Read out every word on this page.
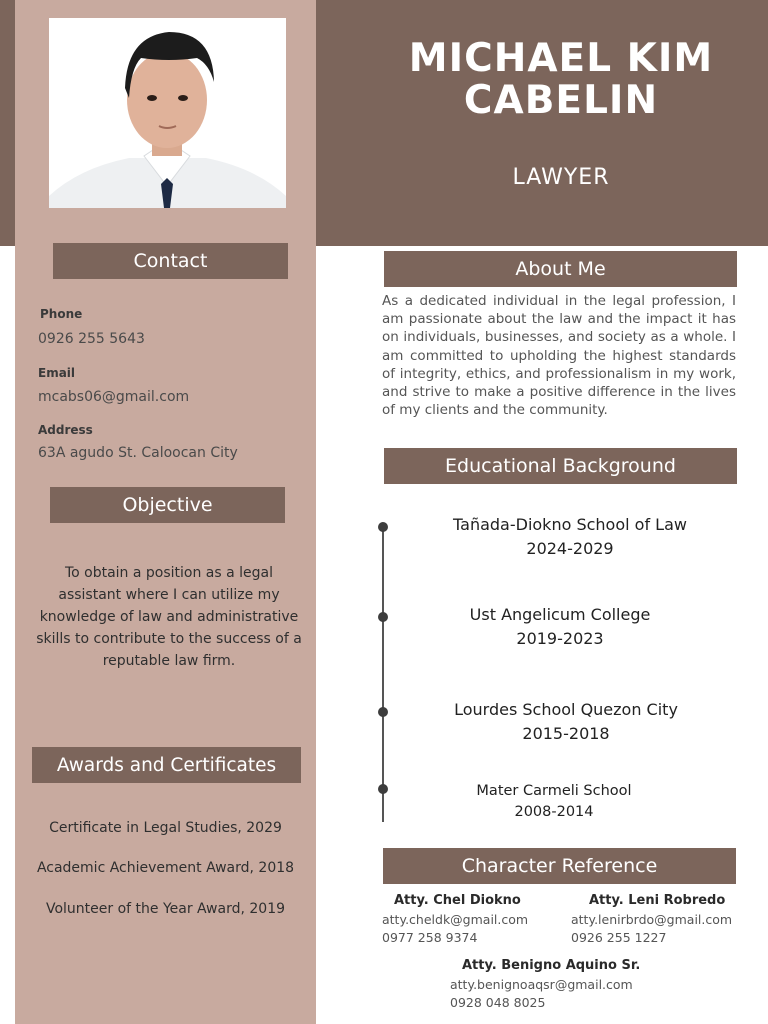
MICHAEL KIM CABELIN
LAWYER
Contact
Phone
0926 255 5643
Email
mcabs06@gmail.com
Address
63A agudo St. Caloocan City
Objective
To obtain a position as a legal assistant where I can utilize my knowledge of law and administrative skills to contribute to the success of a reputable law firm.
Awards and Certificates
Certificate in Legal Studies, 2029
Academic Achievement Award, 2018
Volunteer of the Year Award, 2019
About Me
As a dedicated individual in the legal profession, I am passionate about the law and the impact it has on individuals, businesses, and society as a whole. I am committed to upholding the highest standards of integrity, ethics, and professionalism in my work, and strive to make a positive difference in the lives of my clients and the community.
Educational Background
Tañada-Diokno School of Law
2024-2029
Ust Angelicum College
2019-2023
Lourdes School Quezon City
2015-2018
Mater Carmeli School
2008-2014
Character Reference
Atty. Chel Diokno
atty.cheldk@gmail.com
0977 258 9374
Atty. Leni Robredo
atty.lenirbrdo@gmail.com
0926 255 1227
Atty. Benigno Aquino Sr.
atty.benignoaqsr@gmail.com
0928 048 8025
